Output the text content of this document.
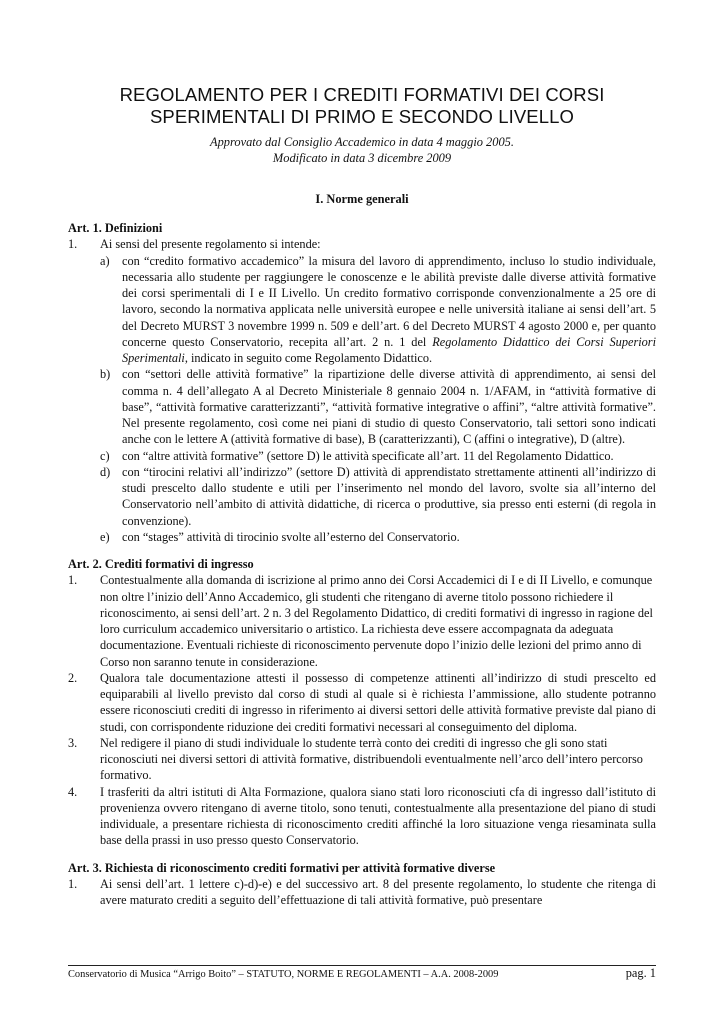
REGOLAMENTO PER I CREDITI FORMATIVI DEI CORSI
SPERIMENTALI DI PRIMO E SECONDO LIVELLO
Approvato dal Consiglio Accademico in data 4 maggio 2005.
Modificato in data 3 dicembre 2009
I. Norme generali
Art. 1. Definizioni
1.	Ai sensi del presente regolamento si intende:
a)	con “credito formativo accademico” la misura del lavoro di apprendimento, incluso lo studio individuale, necessaria allo studente per raggiungere le conoscenze e le abilità previste dalle diverse attività formative dei corsi sperimentali di I e II Livello. Un credito formativo corrisponde convenzionalmente a 25 ore di lavoro, secondo la normativa applicata nelle università europee e nelle università italiane ai sensi dell’art. 5 del Decreto MURST 3 novembre 1999 n. 509 e dell’art. 6 del Decreto MURST 4 agosto 2000 e, per quanto concerne questo Conservatorio, recepita all’art. 2 n. 1 del Regolamento Didattico dei Corsi Superiori Sperimentali, indicato in seguito come Regolamento Didattico.
b) con “settori delle attività formative” la ripartizione delle diverse attività di apprendimento, ai sensi del comma n. 4 dell’allegato A al Decreto Ministeriale 8 gennaio 2004 n. 1/AFAM, in “attività formative di base”, “attività formative caratterizzanti”, “attività formative integrative o affini”, “altre attività formative”. Nel presente regolamento, così come nei piani di studio di questo Conservatorio, tali settori sono indicati anche con le lettere A (attività formative di base), B (caratterizzanti), C (affini o integrative), D (altre).
c)	con “altre attività formative” (settore D) le attività specificate all’art. 11 del Regolamento Didattico.
d) con “tirocini relativi all’indirizzo” (settore D) attività di apprendistato strettamente attinenti all’indirizzo di studi prescelto dallo studente e utili per l’inserimento nel mondo del lavoro, svolte sia all’interno del Conservatorio nell’ambito di attività didattiche, di ricerca o produttive, sia presso enti esterni (di regola in convenzione).
e)	con “stages” attività di tirocinio svolte all’esterno del Conservatorio.
Art. 2. Crediti formativi di ingresso
1.	Contestualmente alla domanda di iscrizione al primo anno dei Corsi Accademici di I e di II Livello, e comunque non oltre l’inizio dell’Anno Accademico, gli studenti che ritengano di averne titolo possono richiedere il riconoscimento, ai sensi dell’art. 2 n. 3 del Regolamento Didattico, di crediti formativi di ingresso in ragione del loro curriculum accademico universitario o artistico. La richiesta deve essere accompagnata da adeguata documentazione. Eventuali richieste di riconoscimento pervenute dopo l’inizio delle lezioni del primo anno di Corso non saranno tenute in considerazione.
2.	Qualora tale documentazione attesti il possesso di competenze attinenti all’indirizzo di studi prescelto ed equiparabili al livello previsto dal corso di studi al quale si è richiesta l’ammissione, allo studente potranno essere riconosciuti crediti di ingresso in riferimento ai diversi settori delle attività formative previste dal piano di studi, con corrispondente riduzione dei crediti formativi necessari al conseguimento del diploma.
3.	Nel redigere il piano di studi individuale lo studente terrà conto dei crediti di ingresso che gli sono stati riconosciuti nei diversi settori di attività formative, distribuendoli eventualmente nell’arco dell’intero percorso formativo.
4.	I trasferiti da altri istituti di Alta Formazione, qualora siano stati loro riconosciuti cfa di ingresso dall’istituto di provenienza ovvero ritengano di averne titolo, sono tenuti, contestualmente alla presentazione del piano di studi individuale, a presentare richiesta di riconoscimento crediti affinché la loro situazione venga riesaminata sulla base della prassi in uso presso questo Conservatorio.
Art. 3. Richiesta di riconoscimento crediti formativi per attività formative diverse
1.	Ai sensi dell’art. 1 lettere c)-d)-e) e del successivo art. 8 del presente regolamento, lo studente che ritenga di avere maturato crediti a seguito dell’effettuazione di tali attività formative, può presentare
Conservatorio di Musica “Arrigo Boito” – STATUTO, NORME E REGOLAMENTI – A.A. 2008-2009	pag. 1
